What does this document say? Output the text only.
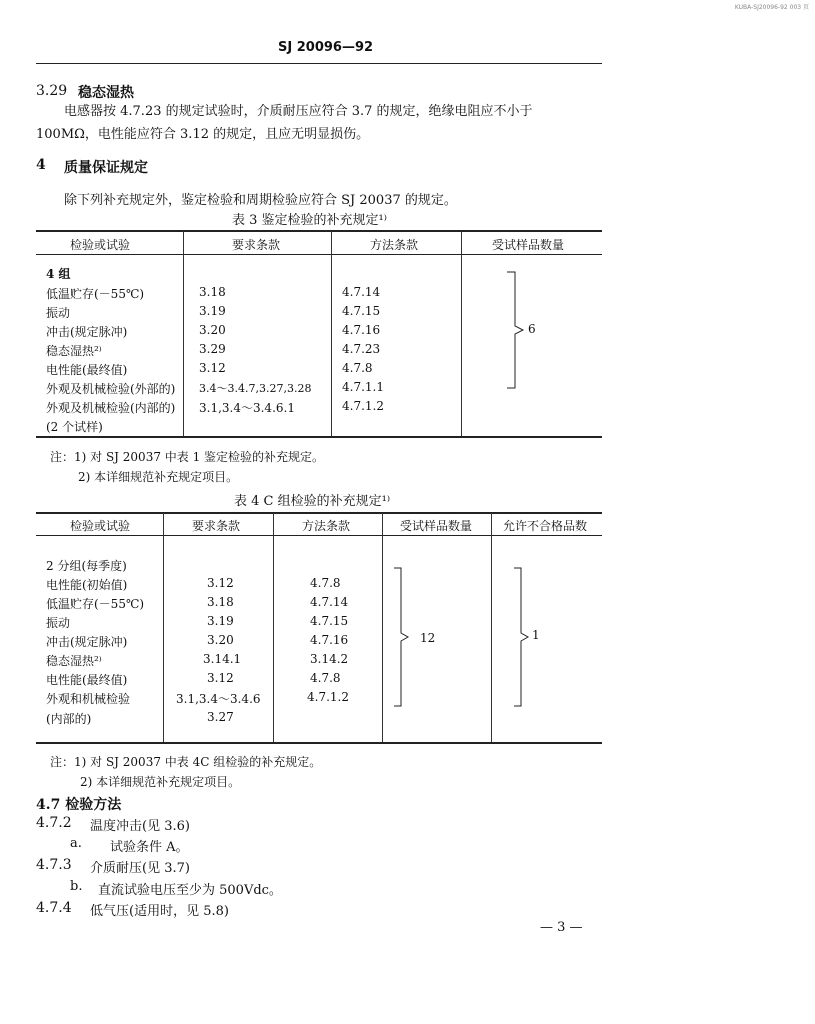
KUBA-SJ20096-92 003 页
SJ 20096—92
3.29 稳态湿热
电感器按 4.7.23 的规定试验时，介质耐压应符合 3.7 的规定，绝缘电阻应不小于
100MΩ，电性能应符合 3.12 的规定，且应无明显损伤。
4 质量保证规定
除下列补充规定外，鉴定检验和周期检验应符合 SJ 20037 的规定。
表 3 鉴定检验的补充规定¹⁾
检验或试验	要求条款	方法条款	受试样品数量
4 组
低温贮存(－55℃)	3.18	4.7.14
振动	3.19	4.7.15
冲击(规定脉冲)	3.20	4.7.16
稳态湿热²⁾	3.29	4.7.23
电性能(最终值)	3.12	4.7.8
外观及机械检验(外部的) 3.4～3.4.7,3.27,3.28	4.7.1.1
外观及机械检验(内部的) 3.1,3.4～3.4.6.1	4.7.1.2
(2 个试样)
6
注：1) 对 SJ 20037 中表 1 鉴定检验的补充规定。
2) 本详细规范补充规定项目。
表 4 C 组检验的补充规定¹⁾
检验或试验	要求条款	方法条款	受试样品数量	允许不合格品数
2 分组(每季度)
电性能(初始值)	3.12	4.7.8
低温贮存(－55℃)	3.18	4.7.14
振动	3.19	4.7.15
冲击(规定脉冲)	3.20	4.7.16
稳态湿热²⁾	3.14.1	3.14.2
电性能(最终值)	3.12	4.7.8
外观和机械检验	3.1,3.4～3.4.6	4.7.1.2
(内部的)	3.27
12	1
注：1) 对 SJ 20037 中表 4C 组检验的补充规定。
2) 本详细规范补充规定项目。
4.7 检验方法
4.7.2 温度冲击(见 3.6)
a. 试验条件 A。
4.7.3 介质耐压(见 3.7)
b. 直流试验电压至少为 500Vdc。
4.7.4 低气压(适用时，见 5.8)
— 3 —
